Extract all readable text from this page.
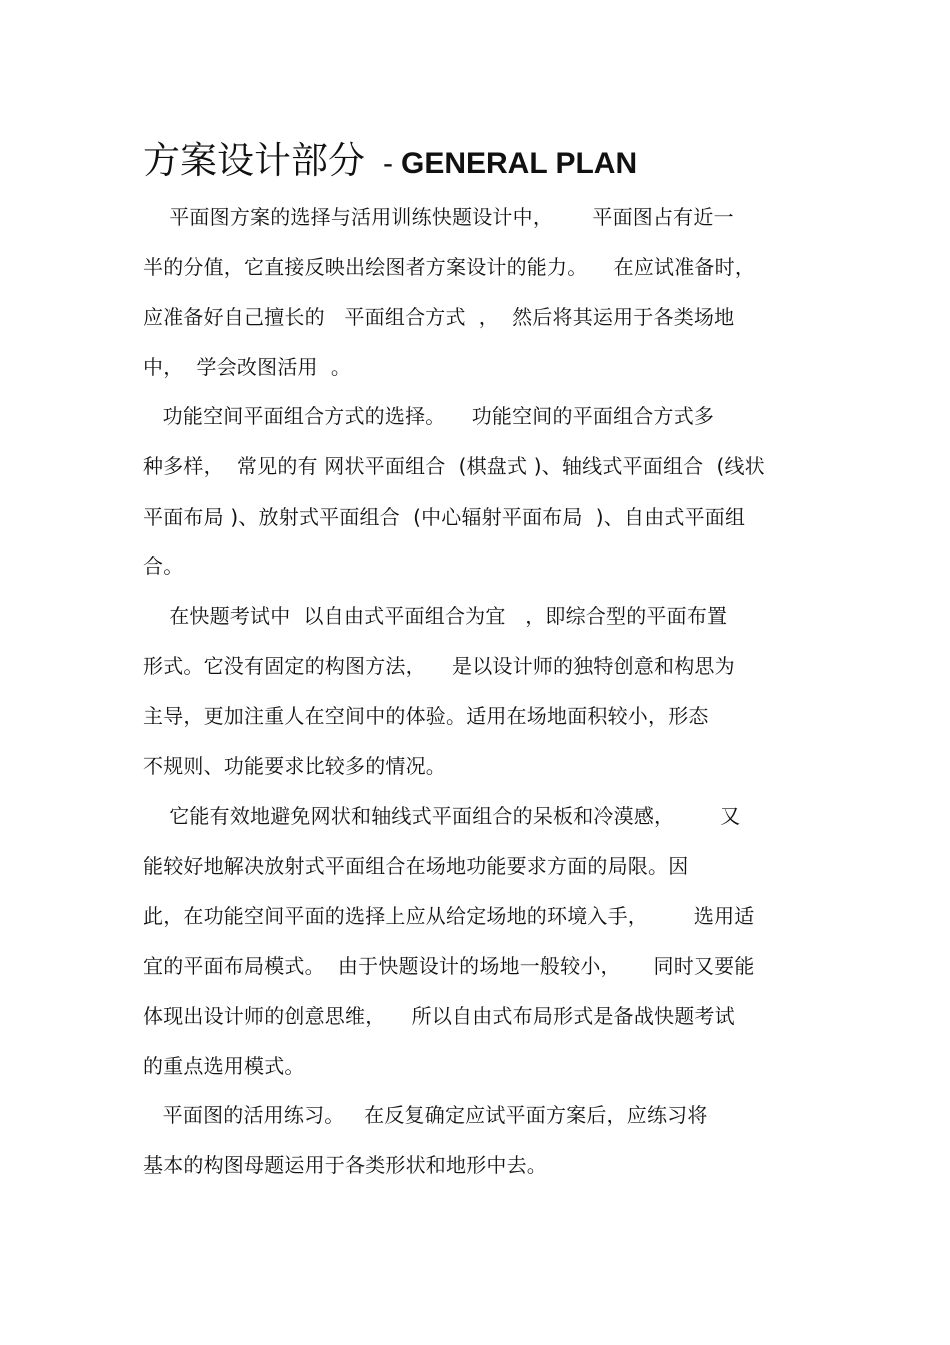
方案设计部分 - GENERAL PLAN
平面图方案的选择与活用训练快题设计中，      平面图占有近一
半的分值，它直接反映出绘图者方案设计的能力。    在应试准备时，
应准备好自己擅长的   平面组合方式  ，  然后将其运用于各类场地
中，  学会改图活用  。
功能空间平面组合方式的选择。    功能空间的平面组合方式多
种多样，  常见的有 网状平面组合  (棋盘式 )、轴线式平面组合  (线状
平面布局 )、放射式平面组合  (中心辐射平面布局  )、自由式平面组
合。
在快题考试中  以自由式平面组合为宜   ，即综合型的平面布置
形式。它没有固定的构图方法，    是以设计师的独特创意和构思为
主导，更加注重人在空间中的体验。适用在场地面积较小，形态
不规则、功能要求比较多的情况。
它能有效地避免网状和轴线式平面组合的呆板和冷漠感，       又
能较好地解决放射式平面组合在场地功能要求方面的局限。因
此，在功能空间平面的选择上应从给定场地的环境入手，       选用适
宜的平面布局模式。  由于快题设计的场地一般较小，     同时又要能
体现出设计师的创意思维，    所以自由式布局形式是备战快题考试
的重点选用模式。
平面图的活用练习。   在反复确定应试平面方案后，应练习将
基本的构图母题运用于各类形状和地形中去。
